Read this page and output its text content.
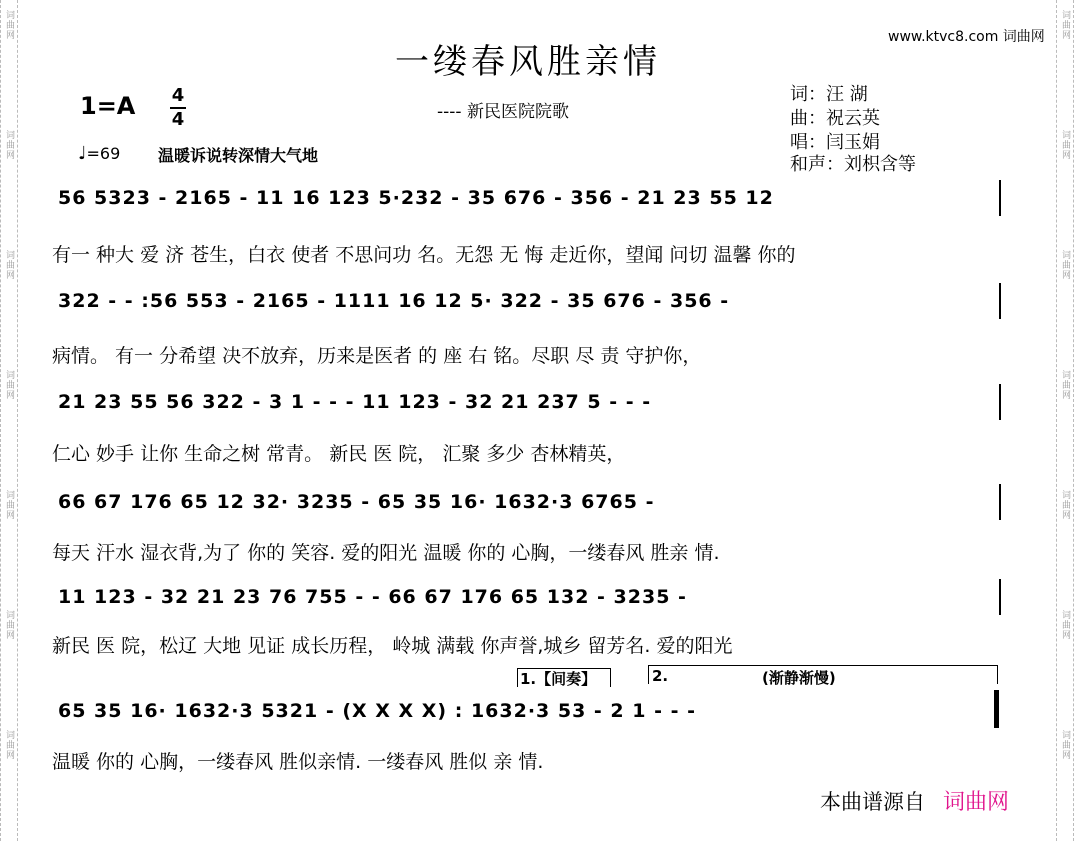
词曲网
词曲网
词曲网
词曲网
词曲网
词曲网
词曲网
词曲网
词曲网
词曲网
词曲网
词曲网
词曲网
词曲网
一缕春风胜亲情
www.ktvc8.com 词曲网
1=A 4
4	---- 新民医院院歌
♩=69 温暖诉说转深情大气地
词：汪 湖
曲：祝云英
唱：闫玉娟
和声：刘枳含等
56 5323 - 2165 - 11 16 123 5·232 - 35 676 - 356 - 21 23 55 12
有一 种大 爱 济 苍生，白衣 使者 不思问功 名。无怨 无 悔 走近你，望闻 问切 温馨 你的
322 - - :56 553 - 2165 - 1111 16 12 5· 322 - 35 676 - 356 -
病情。 有一 分希望 决不放弃，历来是医者 的 座 右 铭。尽职 尽 责 守护你，
21 23 55 56 322 - 3 1 - - - 11 123 - 32 21 237 5 - - -
仁心 妙手 让你 生命之树 常青。 新民 医 院， 汇聚 多少 杏林精英，
66 67 176 65 12 32· 3235 - 65 35 16· 1632·3 6765 -
每天 汗水 湿衣背,为了 你的 笑容. 爱的阳光 温暖 你的 心胸，一缕春风 胜亲 情.
11 123 - 32 21 23 76 755 - - 66 67 176 65 132 - 3235 -
新民 医 院，松辽 大地 见证 成长历程， 岭城 满载 你声誉,城乡 留芳名. 爱的阳光
1.【间奏】	2.	(渐静渐慢)
65 35 16· 1632·3 5321 - (X X X X) : 1632·3 53 - 2 1 - - -
温暖 你的 心胸，一缕春风 胜似亲情. 一缕春风 胜似 亲 情.
本曲谱源自 词曲网
